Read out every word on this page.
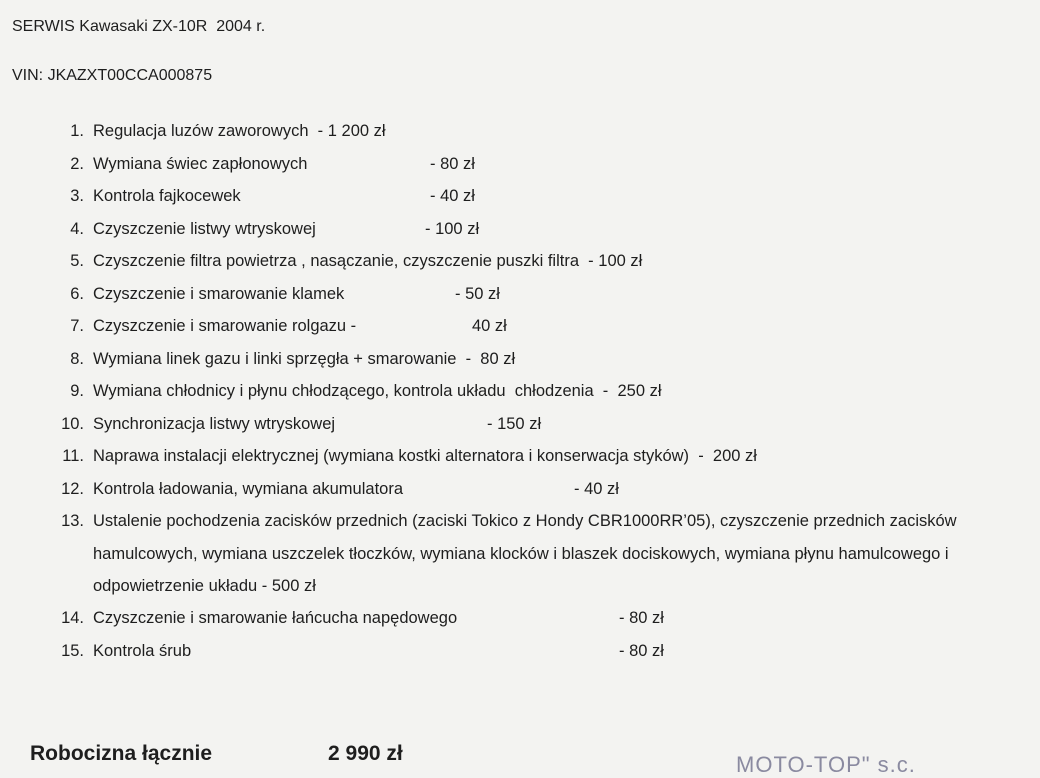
SERWIS Kawasaki ZX-10R  2004 r.
VIN: JKAZXT00CCA000875
1. Regulacja luzów zaworowych  - 1 200 zł
2. Wymiana świec zapłonowych	- 80 zł
3. Kontrola fajkocewek	- 40 zł
4. Czyszczenie listwy wtryskowej	- 100 zł
5. Czyszczenie filtra powietrza , nasączanie, czyszczenie puszki filtra  - 100 zł
6. Czyszczenie i smarowanie klamek	- 50 zł
7. Czyszczenie i smarowanie rolgazu -	40 zł
8. Wymiana linek gazu i linki sprzęgła + smarowanie  -  80 zł
9. Wymiana chłodnicy i płynu chłodzącego, kontrola układu  chłodzenia  -  250 zł
10. Synchronizacja listwy wtryskowej	- 150 zł
11. Naprawa instalacji elektrycznej (wymiana kostki alternatora i konserwacja styków)  -  200 zł
12. Kontrola ładowania, wymiana akumulatora	- 40 zł
13. Ustalenie pochodzenia zacisków przednich (zaciski Tokico z Hondy CBR1000RR’05), czyszczenie przednich zacisków hamulcowych, wymiana uszczelek tłoczków, wymiana klocków i blaszek dociskowych, wymiana płynu hamulcowego i odpowietrzenie układu - 500 zł
14. Czyszczenie i smarowanie łańcucha napędowego	- 80 zł
15. Kontrola śrub	- 80 zł
Robocizna łącznie	2 990 zł	MOTO-TOP" s.c.
